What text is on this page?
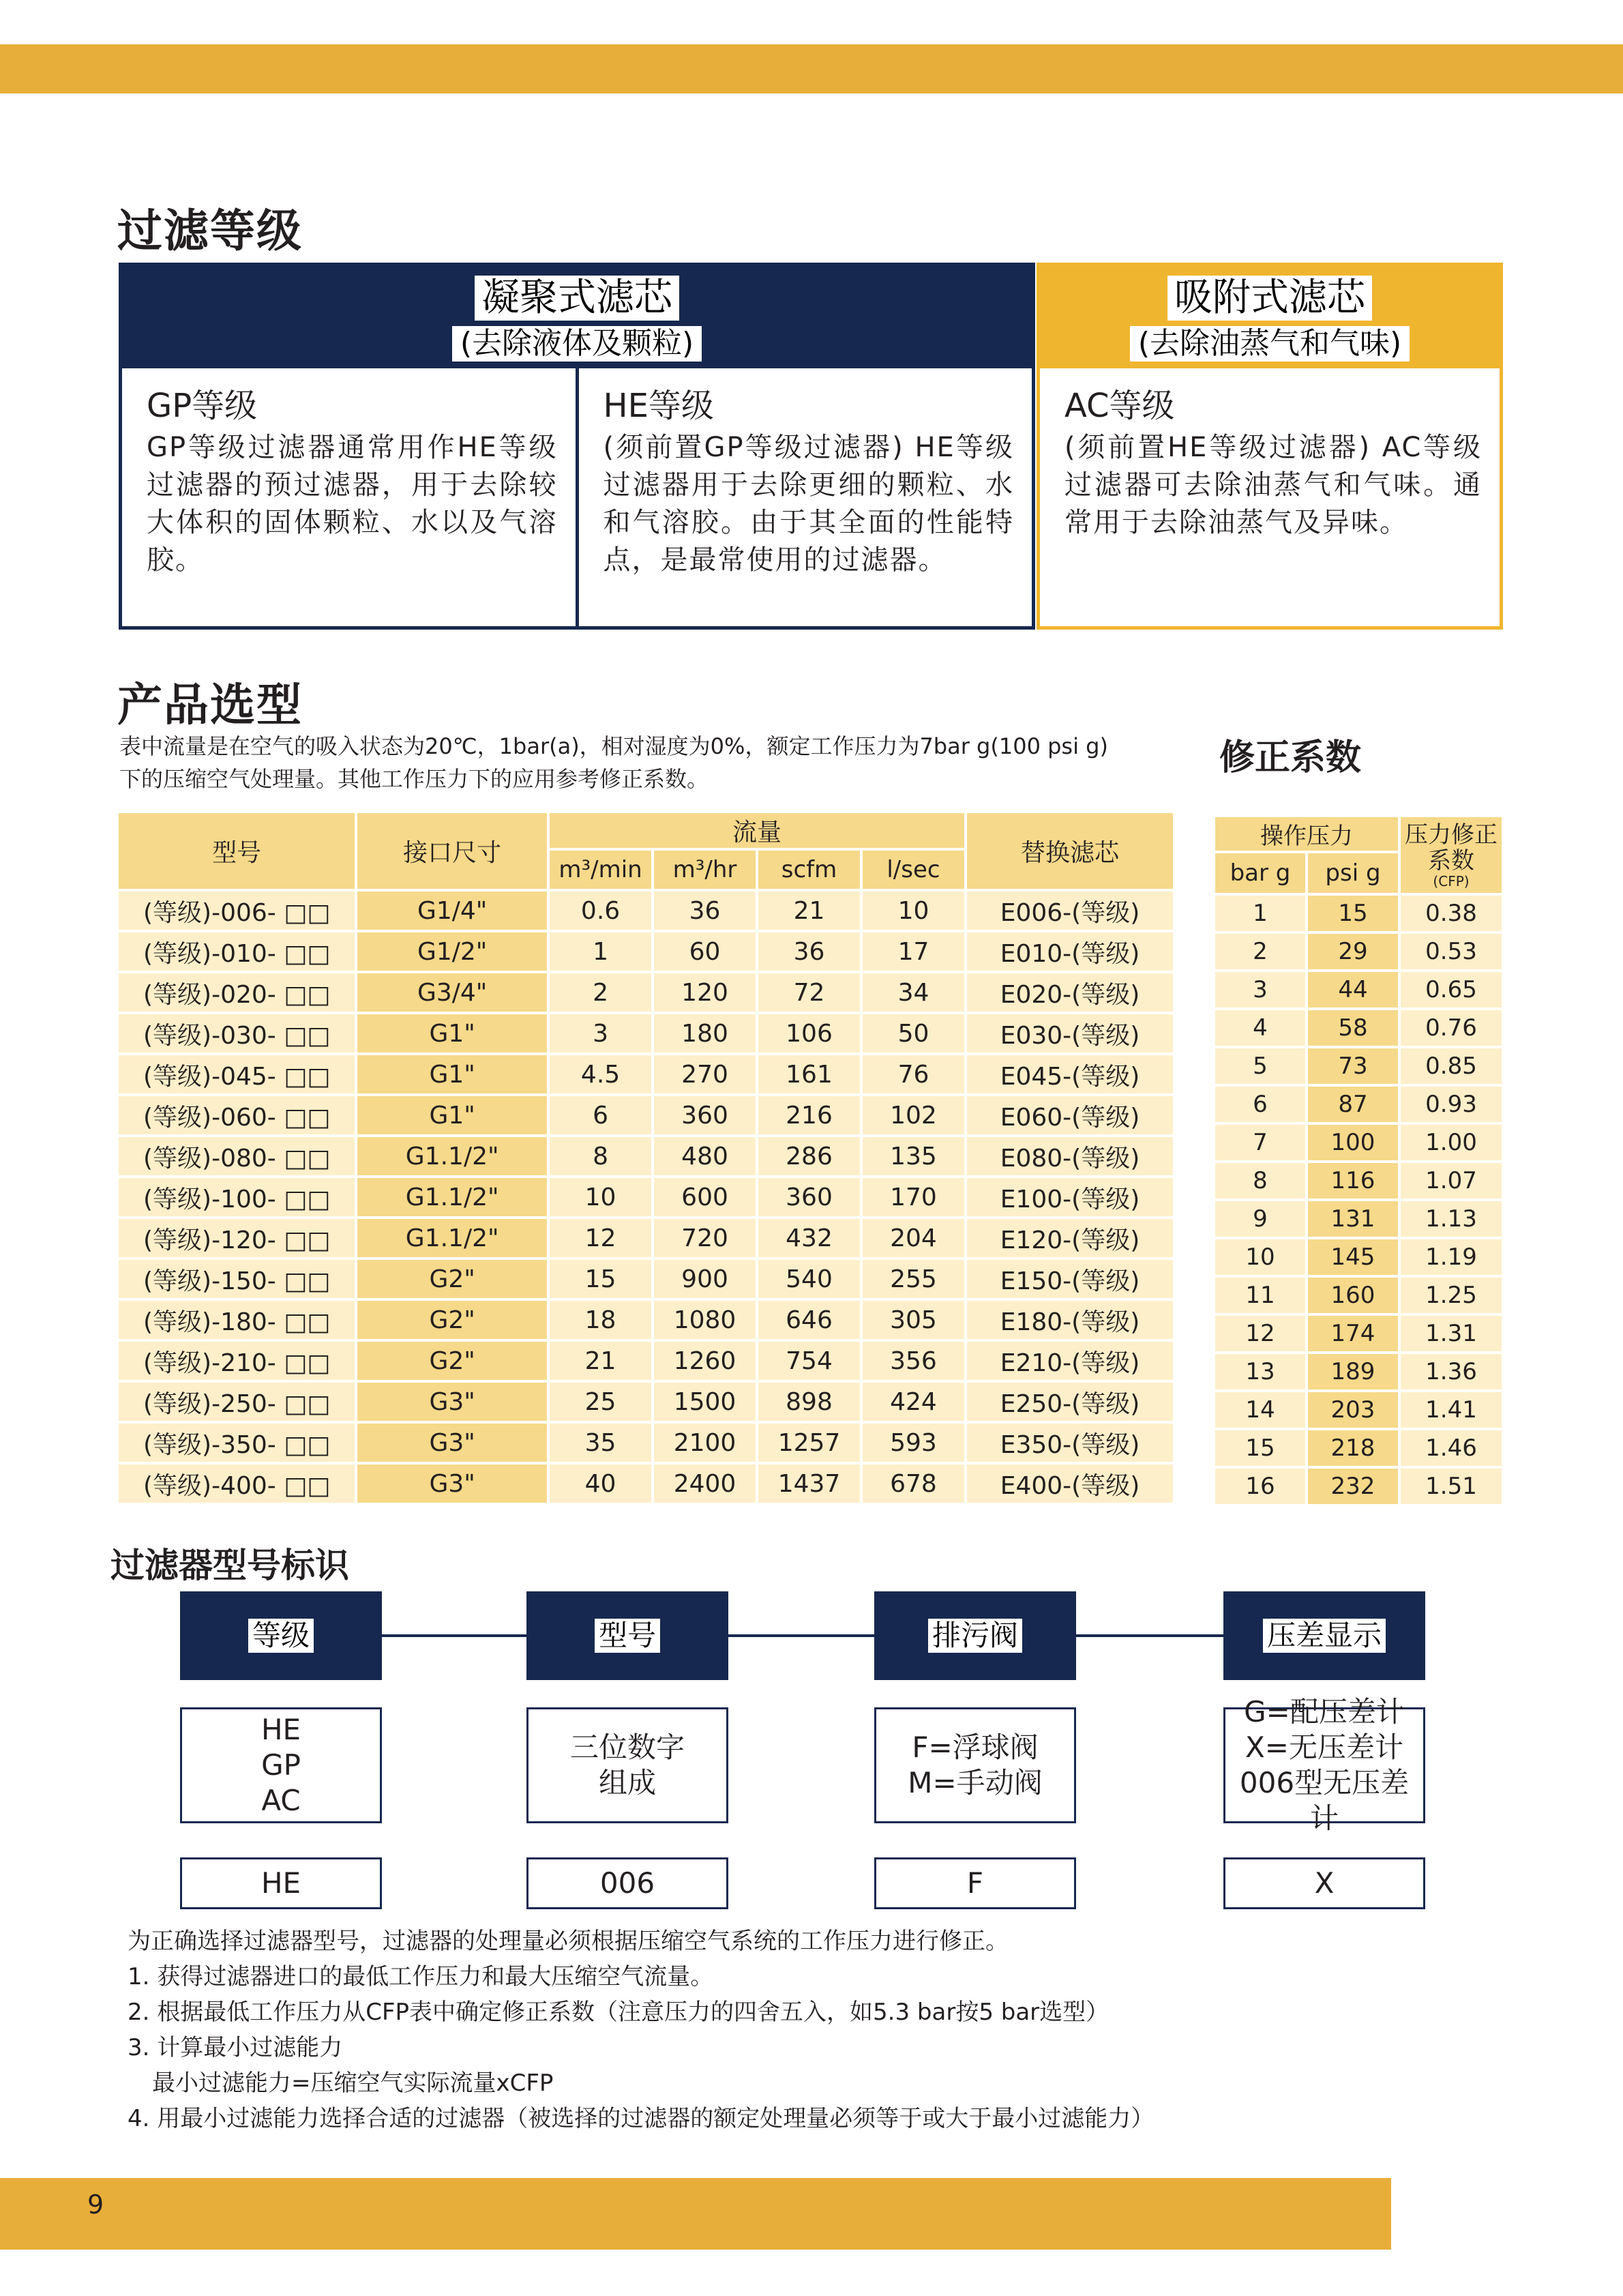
过滤等级
凝聚式滤芯
(去除液体及颗粒)
GP等级
GP等级过滤器通常用作HE等级过滤器的预过滤器，用于去除较大体积的固体颗粒、水以及气溶胶。
HE等级
(须前置GP等级过滤器) HE等级过滤器用于去除更细的颗粒、水和气溶胶。由于其全面的性能特点，是最常使用的过滤器。
吸附式滤芯
(去除油蒸气和气味)
AC等级
(须前置HE等级过滤器) AC等级过滤器可去除油蒸气和气味。通常用于去除油蒸气及异味。
产品选型
表中流量是在空气的吸入状态为20℃，1bar(a)，相对湿度为0%，额定工作压力为7bar g(100 psi g)
下的压缩空气处理量。其他工作压力下的应用参考修正系数。
修正系数
型号	接口尺寸	流量				替换滤芯
		m³/min	m³/hr	scfm	l/sec	
(等级)-006- □□	G1/4"	0.6	36	21	10	E006-(等级)
(等级)-010- □□	G1/2"	1	60	36	17	E010-(等级)
(等级)-020- □□	G3/4"	2	120	72	34	E020-(等级)
(等级)-030- □□	G1"	3	180	106	50	E030-(等级)
(等级)-045- □□	G1"	4.5	270	161	76	E045-(等级)
(等级)-060- □□	G1"	6	360	216	102	E060-(等级)
(等级)-080- □□	G1.1/2"	8	480	286	135	E080-(等级)
(等级)-100- □□	G1.1/2"	10	600	360	170	E100-(等级)
(等级)-120- □□	G1.1/2"	12	720	432	204	E120-(等级)
(等级)-150- □□	G2"	15	900	540	255	E150-(等级)
(等级)-180- □□	G2"	18	1080	646	305	E180-(等级)
(等级)-210- □□	G2"	21	1260	754	356	E210-(等级)
(等级)-250- □□	G3"	25	1500	898	424	E250-(等级)
(等级)-350- □□	G3"	35	2100	1257	593	E350-(等级)
(等级)-400- □□	G3"	40	2400	1437	678	E400-(等级)
操作压力		压力修正系数
(CFP)

bar g	psi g	
1	15	0.38
2	29	0.53
3	44	0.65
4	58	0.76
5	73	0.85
6	87	0.93
7	100	1.00
8	116	1.07
9	131	1.13
10	145	1.19
11	160	1.25
12	174	1.31
13	189	1.36
14	203	1.41
15	218	1.46
16	232	1.51
过滤器型号标识
等级	型号	排污阀	压差显示
HE
GP
AC
三位数字
组成
F=浮球阀
M=手动阀
G=配压差计
X=无压差计
006型无压差计
HE	006	F	X
为正确选择过滤器型号，过滤器的处理量必须根据压缩空气系统的工作压力进行修正。
1. 获得过滤器进口的最低工作压力和最大压缩空气流量。
2. 根据最低工作压力从CFP表中确定修正系数（注意压力的四舍五入，如5.3 bar按5 bar选型）
3. 计算最小过滤能力
最小过滤能力=压缩空气实际流量xCFP
4. 用最小过滤能力选择合适的过滤器（被选择的过滤器的额定处理量必须等于或大于最小过滤能力）
9
